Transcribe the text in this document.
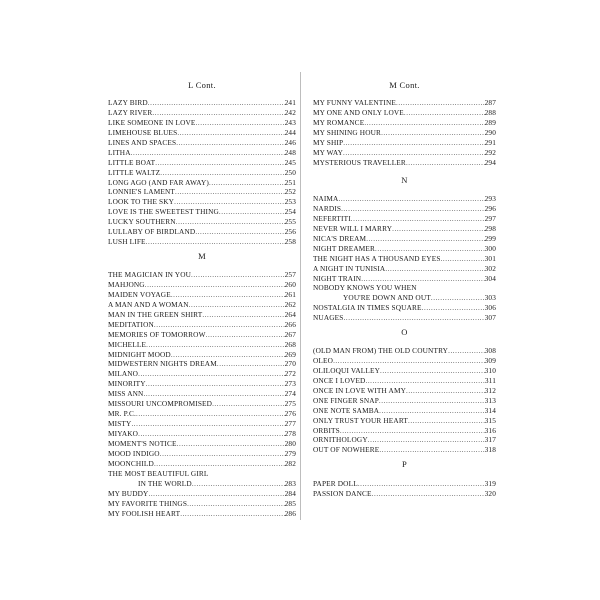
L Cont.
LAZY BIRD .....	241
LAZY RIVER .....	242
LIKE SOMEONE IN LOVE .....	243
LIMEHOUSE BLUES .....	244
LINES AND SPACES .....	246
LITHA .....	248
LITTLE BOAT .....	245
LITTLE WALTZ .....	250
LONG AGO (AND FAR AWAY) .....	251
LONNIE'S LAMENT .....	252
LOOK TO THE SKY .....	253
LOVE IS THE SWEETEST THING .....	254
LUCKY SOUTHERN .....	255
LULLABY OF BIRDLAND .....	256
LUSH LIFE .....	258
M
THE MAGICIAN IN YOU .....	257
MAHJONG .....	260
MAIDEN VOYAGE .....	261
A MAN AND A WOMAN .....	262
MAN IN THE GREEN SHIRT .....	264
MEDITATION .....	266
MEMORIES OF TOMORROW .....	267
MICHELLE .....	268
MIDNIGHT MOOD .....	269
MIDWESTERN NIGHTS DREAM .....	270
MILANO .....	272
MINORITY .....	273
MISS ANN .....	274
MISSOURI UNCOMPROMISED .....	275
MR. P.C. .....	276
MISTY .....	277
MIYAKO .....	278
MOMENT'S NOTICE .....	280
MOOD INDIGO .....	279
MOONCHILD .....	282
THE MOST BEAUTIFUL GIRL
IN THE WORLD .....	283
MY BUDDY .....	284
MY FAVORITE THINGS .....	285
MY FOOLISH HEART .....	286
M Cont.
MY FUNNY VALENTINE .....	287
MY ONE AND ONLY LOVE .....	288
MY ROMANCE .....	289
MY SHINING HOUR .....	290
MY SHIP .....	291
MY WAY .....	292
MYSTERIOUS TRAVELLER .....	294
N
NAIMA .....	293
NARDIS .....	296
NEFERTITI .....	297
NEVER WILL I MARRY .....	298
NICA'S DREAM .....	299
NIGHT DREAMER .....	300
THE NIGHT HAS A THOUSAND EYES .....	301
A NIGHT IN TUNISIA .....	302
NIGHT TRAIN .....	304
NOBODY KNOWS YOU WHEN
YOU'RE DOWN AND OUT .....	303
NOSTALGIA IN TIMES SQUARE .....	306
NUAGES .....	307
O
(OLD MAN FROM) THE OLD COUNTRY .....	308
OLEO .....	309
OLILOQUI VALLEY .....	310
ONCE I LOVED .....	311
ONCE IN LOVE WITH AMY .....	312
ONE FINGER SNAP .....	313
ONE NOTE SAMBA .....	314
ONLY TRUST YOUR HEART .....	315
ORBITS .....	316
ORNITHOLOGY .....	317
OUT OF NOWHERE .....	318
P
PAPER DOLL .....	319
PASSION DANCE .....	320
